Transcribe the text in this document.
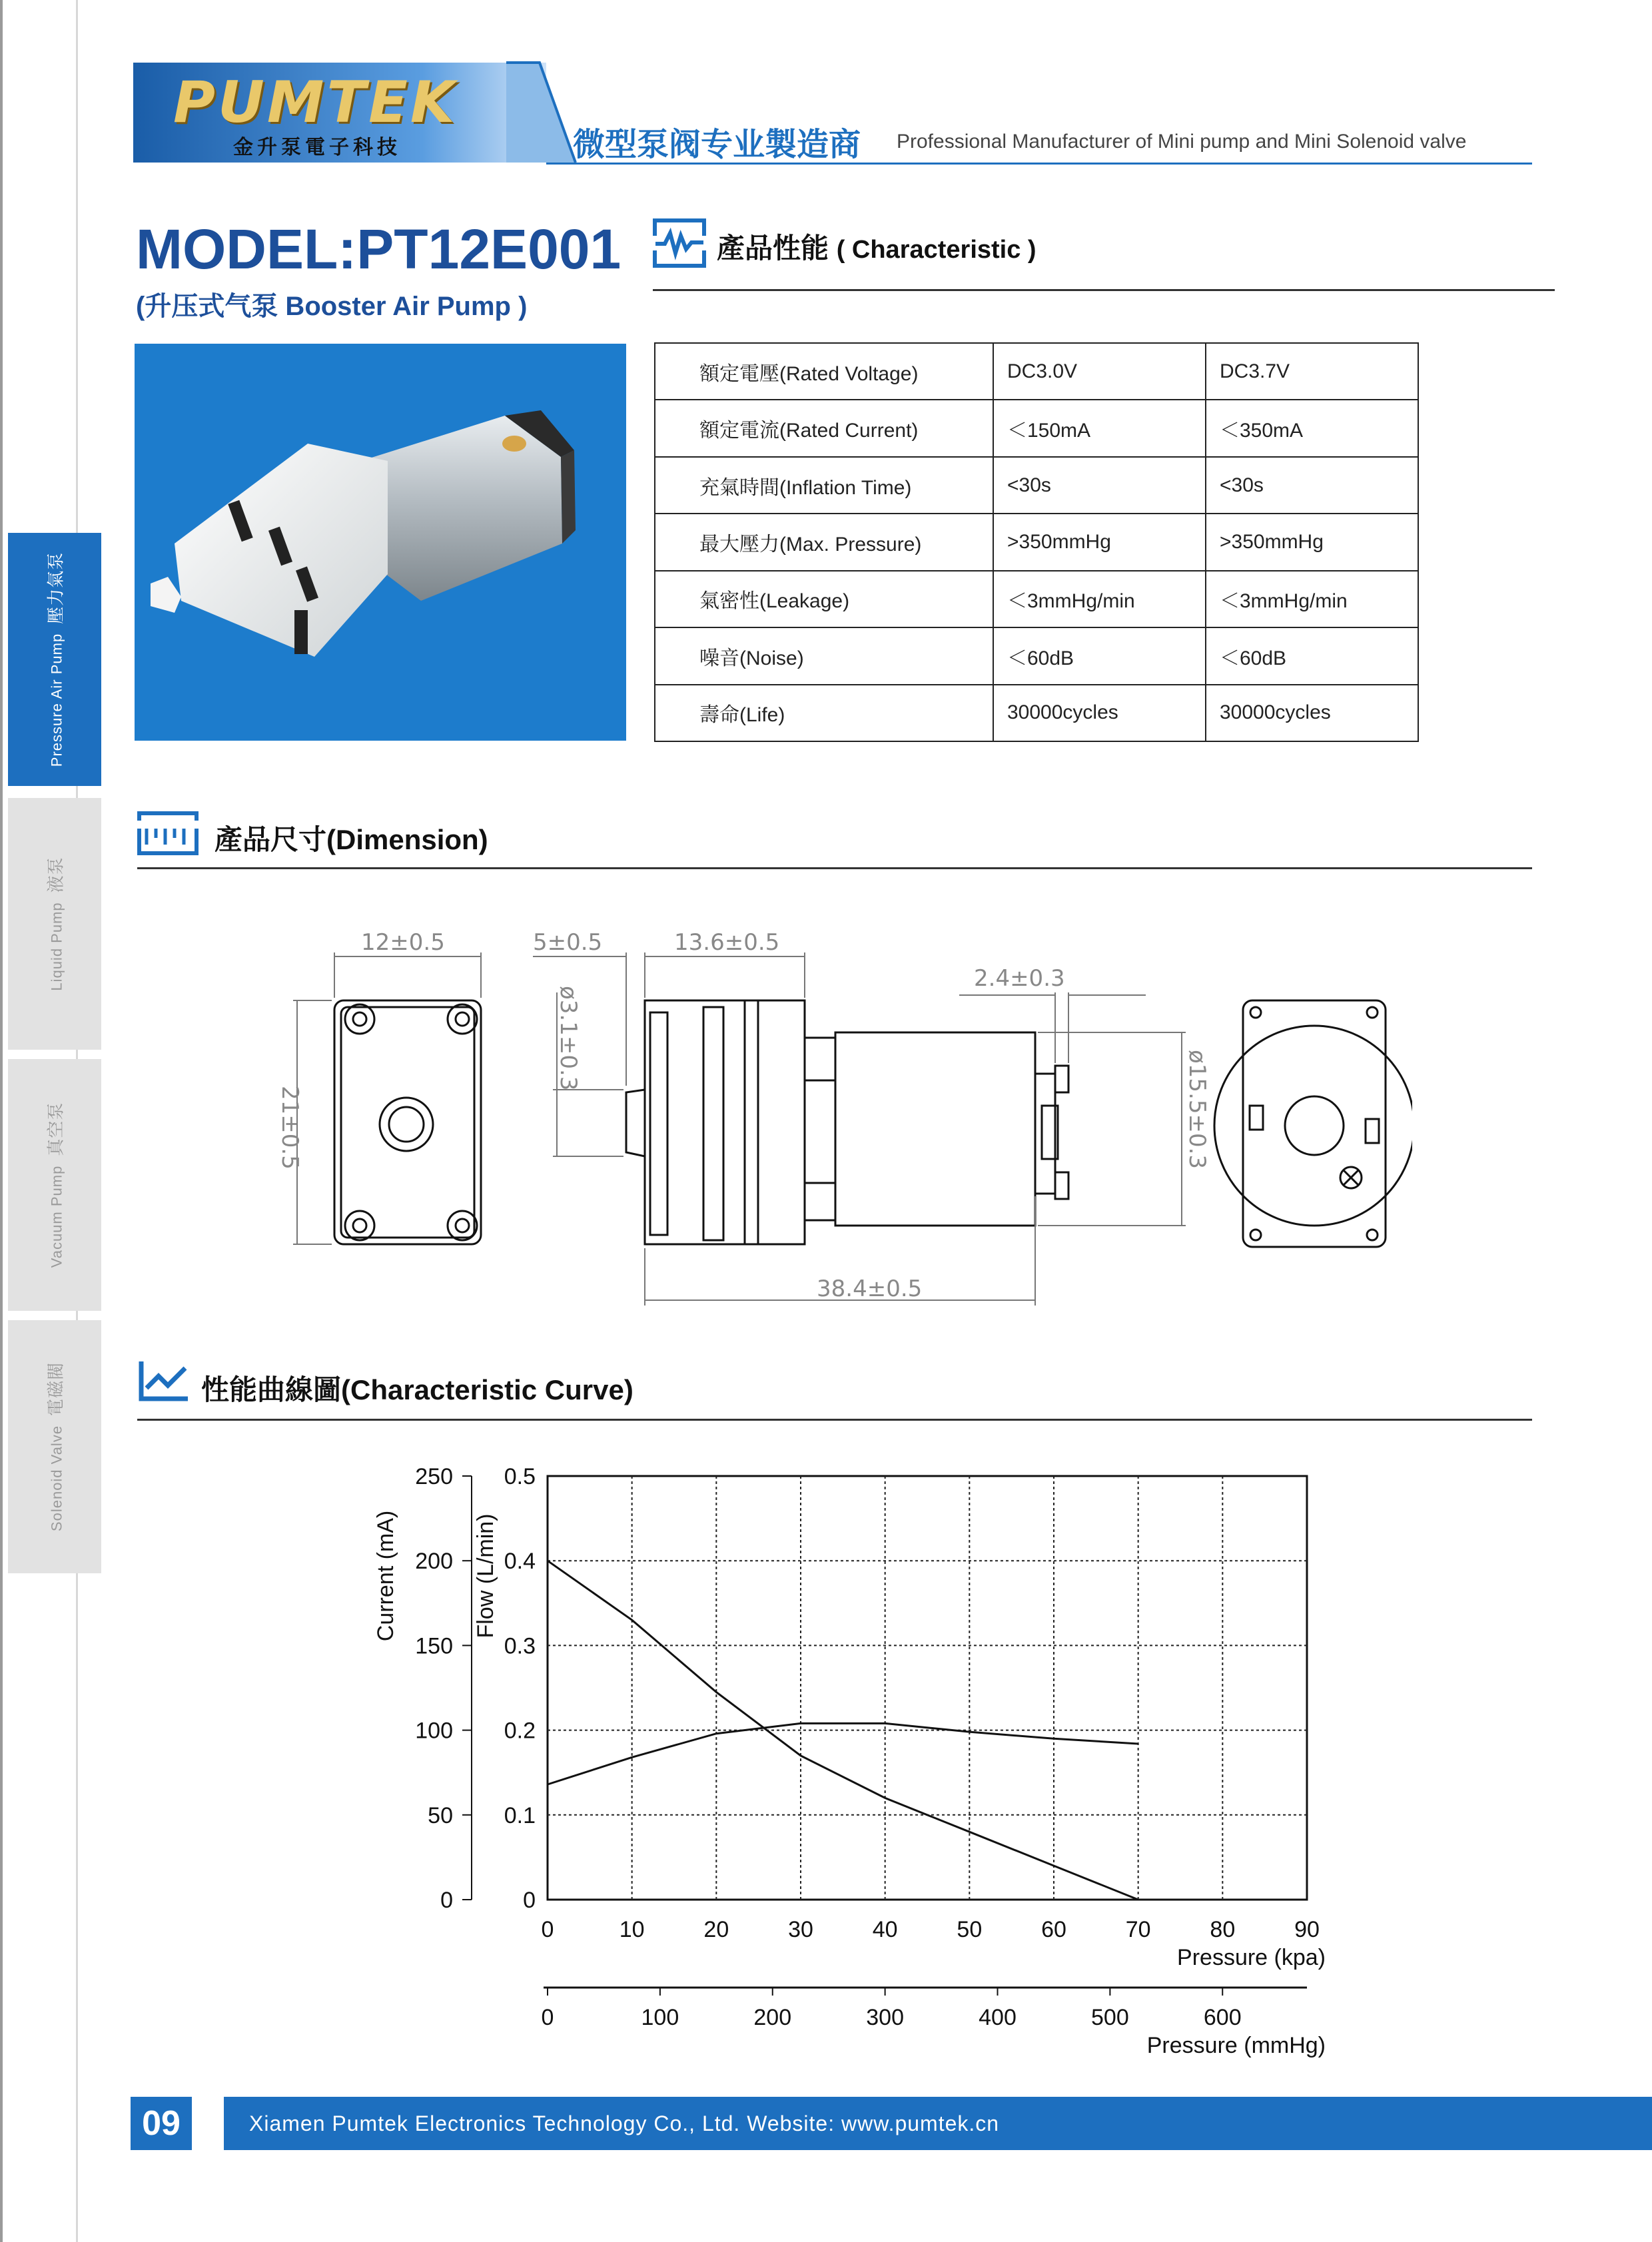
Pressure Air Pump壓力氣泵
Liquid Pump液泵
Vacuum Pump真空泵
Solenoid Valve電磁閥
PUMTEK
金升泵電子科技	微型泵阀专业製造商 Professional Manufacturer of Mini pump and Mini Solenoid valve
MODEL:PT12E001
(升压式气泵 Booster Air Pump )
產品性能 ( Characteristic )
額定電壓(Rated Voltage)	DC3.0V	DC3.7V
額定電流(Rated Current)	＜150mA	＜350mA
充氣時間(Inflation Time)	<30s	<30s
最大壓力(Max. Pressure)	>350mmHg	>350mmHg
氣密性(Leakage)	＜3mmHg/min	＜3mmHg/min
噪音(Noise)	＜60dB	＜60dB
壽命(Life)	30000cycles	30000cycles
產品尺寸(Dimension)
12±0.5
21±0.5
5±0.5
ø3.1±0.3
13.6±0.5
2.4±0.3
ø15.5±0.3
38.4±0.5
性能曲線圖(Characteristic Curve)
0	10	20	30	40	50	60	70	80	90
0	0
50 0.1
100 0.2
150 0.3
200 0.4
250 0.5
Current (mA)	Flow (L/min)
Pressure (kpa)
0	100	200	300	400	500	600
Pressure (mmHg)
09	Xiamen Pumtek Electronics Technology Co., Ltd. Website: www.pumtek.cn
